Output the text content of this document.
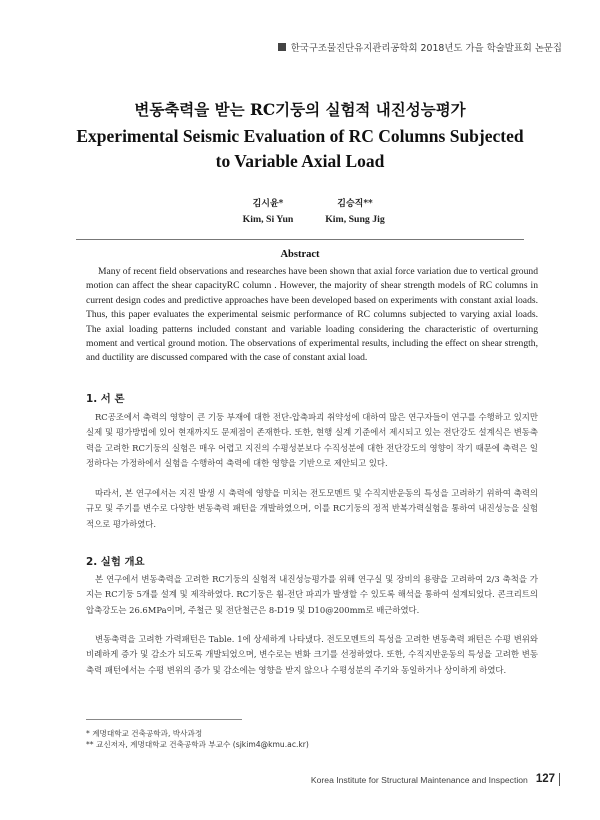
한국구조물진단유지관리공학회 2018년도 가을 학술발표회 논문집
변동축력을 받는 RC기둥의 실험적 내진성능평가
Experimental Seismic Evaluation of RC Columns Subjected to Variable Axial Load
김시윤*
Kim, Si Yun
김승직**
Kim, Sung Jig
Abstract

Many of recent field observations and researches have been shown that axial force variation due to vertical ground motion can affect the shear capacityRC column . However, the majority of shear strength models of RC columns in current design codes and predictive approaches have been developed based on experiments with constant axial loads. Thus, this paper evaluates the experimental seismic performance of RC columns subjected to varying axial loads. The axial loading patterns included constant and variable loading considering the characteristic of overturning moment and vertical ground motion. The observations of experimental results, including the effect on shear strength, and ductility are discussed compared with the case of constant axial load.

1. 서 론

RC공조에서 축력의 영향이 큰 기둥 부재에 대한 전단-압축파괴 취약성에 대하여 많은 연구자들이 연구를 수행하고 있지만 실제 및 평가방법에 있어 현재까지도 문제점이 존재한다. 또한, 현행 실계 기준에서 제시되고 있는 전단강도 설계식은 변동축력을 고려한 RC기둥의 실험은 매우 어렵고 지진의 수평성분보다 수직성분에 대한 전단강도의 영향이 작기 때문에 축력은 일정하다는 가정하에서 실험을 수행하여 축력에 대한 영향을 기반으로 제안되고 있다.

따라서, 본 연구에서는 지진 발생 시 축력에 영향을 미치는 전도모멘트 및 수직지반운동의 특성을 고려하기 위하여 축력의 규모 및 주기를 변수로 다양한 변동축력 패턴을 개발하였으며, 이를 RC기둥의 정적 반복가력실험을 통하여 내진성능을 실험적으로 평가하였다.

2. 실험 개요

본 연구에서 변동축력을 고려한 RC기둥의 실험적 내진성능평가를 위해 연구실 및 장비의 용량을 고려하여 2/3 축척을 가지는 RC기둥 5개를 설계 및 제작하였다. RC기둥은 휨-전단 파괴가 발생할 수 있도록 해석을 통하여 설계되었다. 콘크리트의 압축강도는 26.6MPa이며, 주철근 및 전단철근은 8-D19 및 D10@200mm로 배근하였다.

변동축력을 고려한 가력패턴은 Table. 1에 상세하게 나타냈다. 전도모멘트의 특성을 고려한 변동축력 패턴은 수평 변위와 비례하게 증가 및 감소가 되도록 개발되었으며, 변수로는 변화 크기를 선정하였다. 또한, 수직지반운동의 특성을 고려한 변동축력 패턴에서는 수평 변위의 증가 및 감소에는 영향을 받지 않으나 수평성분의 주기와 동일하거나 상이하게 하였다.

* 계명대학교 건축공학과, 박사과정
** 교신저자, 계명대학교 건축공학과 부교수 (sjkim4@kmu.ac.kr)
Korea Institute for Structural Maintenance and Inspection 127
